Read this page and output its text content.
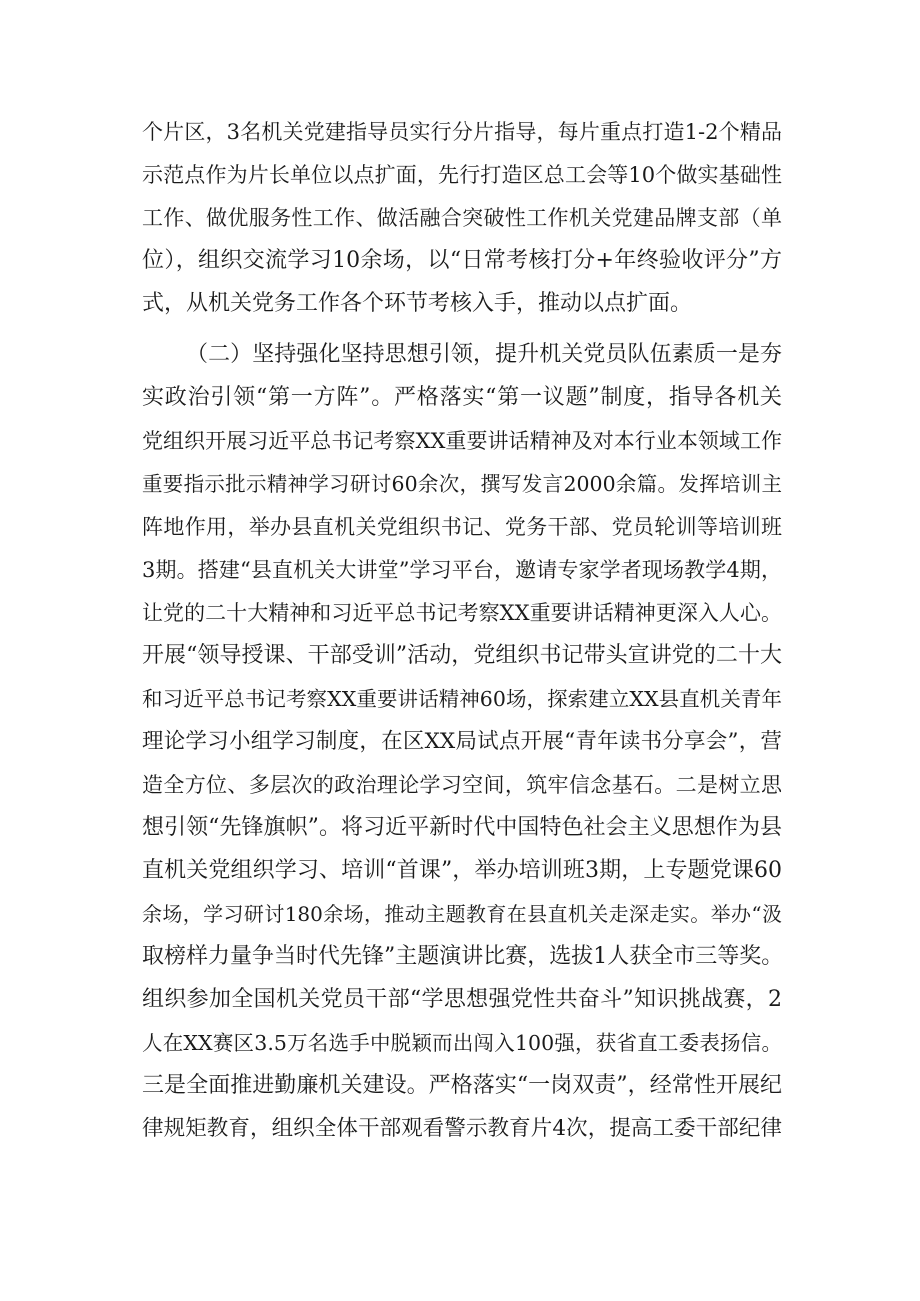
个片区，3名机关党建指导员实行分片指导，每片重点打造1-2个精品
示范点作为片长单位以点扩面，先行打造区总工会等10个做实基础性
工作、做优服务性工作、做活融合突破性工作机关党建品牌支部（单
位），组织交流学习10余场，以“日常考核打分+年终验收评分”方
式，从机关党务工作各个环节考核入手，推动以点扩面。
（二）坚持强化坚持思想引领，提升机关党员队伍素质一是夯
实政治引领“第一方阵”。严格落实“第一议题”制度，指导各机关
党组织开展习近平总书记考察XX重要讲话精神及对本行业本领域工作
重要指示批示精神学习研讨60余次，撰写发言2000余篇。发挥培训主
阵地作用，举办县直机关党组织书记、党务干部、党员轮训等培训班
3期。搭建“县直机关大讲堂”学习平台，邀请专家学者现场教学4期，
让党的二十大精神和习近平总书记考察XX重要讲话精神更深入人心。
开展“领导授课、干部受训”活动，党组织书记带头宣讲党的二十大
和习近平总书记考察XX重要讲话精神60场，探索建立XX县直机关青年
理论学习小组学习制度，在区XX局试点开展“青年读书分享会”，营
造全方位、多层次的政治理论学习空间，筑牢信念基石。二是树立思
想引领“先锋旗帜”。将习近平新时代中国特色社会主义思想作为县
直机关党组织学习、培训“首课”，举办培训班3期，上专题党课60
余场，学习研讨180余场，推动主题教育在县直机关走深走实。举办“汲
取榜样力量争当时代先锋”主题演讲比赛，选拔1人获全市三等奖。
组织参加全国机关党员干部“学思想强党性共奋斗”知识挑战赛，2
人在XX赛区3.5万名选手中脱颖而出闯入100强，获省直工委表扬信。
三是全面推进勤廉机关建设。严格落实“一岗双责”，经常性开展纪
律规矩教育，组织全体干部观看警示教育片4次，提高工委干部纪律
